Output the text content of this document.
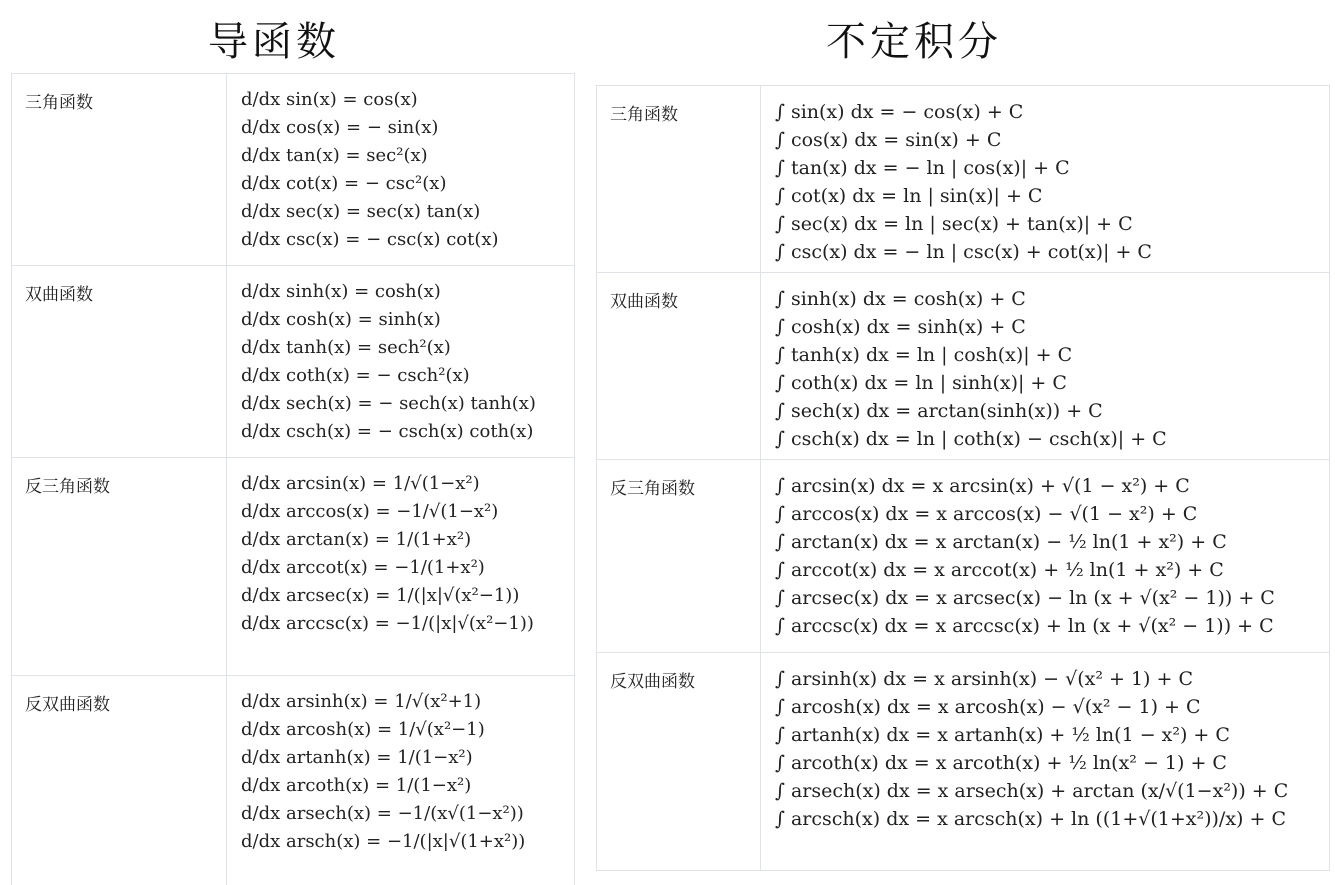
导函数	不定积分
三角函数	d/dx sin(x) = cos(x)
d/dx cos(x) = − sin(x)
d/dx tan(x) = sec²(x)
d/dx cot(x) = − csc²(x)
d/dx sec(x) = sec(x) tan(x)
d/dx csc(x) = − csc(x) cot(x)
双曲函数	d/dx sinh(x) = cosh(x)
d/dx cosh(x) = sinh(x)
d/dx tanh(x) = sech²(x)
d/dx coth(x) = − csch²(x)
d/dx sech(x) = − sech(x) tanh(x)
d/dx csch(x) = − csch(x) coth(x)
反三角函数	d/dx arcsin(x) = 1/√(1−x²)
d/dx arccos(x) = −1/√(1−x²)
d/dx arctan(x) = 1/(1+x²)
d/dx arccot(x) = −1/(1+x²)
d/dx arcsec(x) = 1/(|x|√(x²−1))
d/dx arccsc(x) = −1/(|x|√(x²−1))
反双曲函数	d/dx arsinh(x) = 1/√(x²+1)
d/dx arcosh(x) = 1/√(x²−1)
d/dx artanh(x) = 1/(1−x²)
d/dx arcoth(x) = 1/(1−x²)
d/dx arsech(x) = −1/(x√(1−x²))
d/dx arsch(x) = −1/(|x|√(1+x²))
三角函数	∫ sin(x) dx = − cos(x) + C
∫ cos(x) dx = sin(x) + C
∫ tan(x) dx = − ln | cos(x)| + C
∫ cot(x) dx = ln | sin(x)| + C
∫ sec(x) dx = ln | sec(x) + tan(x)| + C
∫ csc(x) dx = − ln | csc(x) + cot(x)| + C
双曲函数	∫ sinh(x) dx = cosh(x) + C
∫ cosh(x) dx = sinh(x) + C
∫ tanh(x) dx = ln | cosh(x)| + C
∫ coth(x) dx = ln | sinh(x)| + C
∫ sech(x) dx = arctan(sinh(x)) + C
∫ csch(x) dx = ln | coth(x) − csch(x)| + C
反三角函数	∫ arcsin(x) dx = x arcsin(x) + √(1 − x²) + C
∫ arccos(x) dx = x arccos(x) − √(1 − x²) + C
∫ arctan(x) dx = x arctan(x) − ½ ln(1 + x²) + C
∫ arccot(x) dx = x arccot(x) + ½ ln(1 + x²) + C
∫ arcsec(x) dx = x arcsec(x) − ln (x + √(x² − 1)) + C
∫ arccsc(x) dx = x arccsc(x) + ln (x + √(x² − 1)) + C
反双曲函数	∫ arsinh(x) dx = x arsinh(x) − √(x² + 1) + C
∫ arcosh(x) dx = x arcosh(x) − √(x² − 1) + C
∫ artanh(x) dx = x artanh(x) + ½ ln(1 − x²) + C
∫ arcoth(x) dx = x arcoth(x) + ½ ln(x² − 1) + C
∫ arsech(x) dx = x arsech(x) + arctan (x/√(1−x²)) + C
∫ arcsch(x) dx = x arcsch(x) + ln ((1+√(1+x²))/x) + C
